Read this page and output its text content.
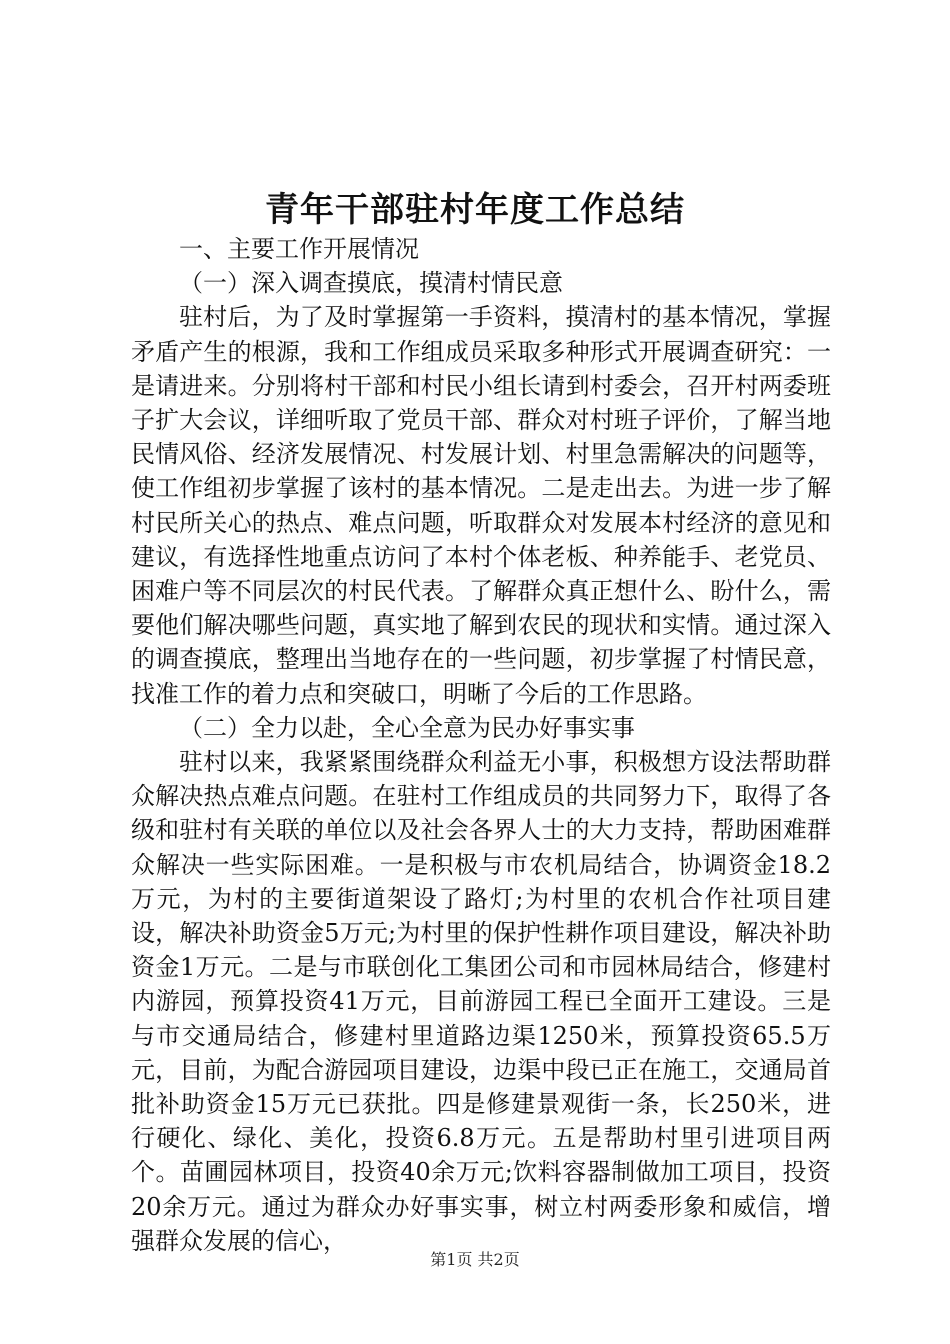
青年干部驻村年度工作总结

一、主要工作开展情况

（一）深入调查摸底，摸清村情民意

驻村后，为了及时掌握第一手资料，摸清村的基本情况，掌握矛盾产生的根源，我和工作组成员采取多种形式开展调查研究：一是请进来。分别将村干部和村民小组长请到村委会，召开村两委班子扩大会议，详细听取了党员干部、群众对村班子评价，了解当地民情风俗、经济发展情况、村发展计划、村里急需解决的问题等，使工作组初步掌握了该村的基本情况。二是走出去。为进一步了解村民所关心的热点、难点问题，听取群众对发展本村经济的意见和建议，有选择性地重点访问了本村个体老板、种养能手、老党员、困难户等不同层次的村民代表。了解群众真正想什么、盼什么，需要他们解决哪些问题，真实地了解到农民的现状和实情。通过深入的调查摸底，整理出当地存在的一些问题，初步掌握了村情民意，找准工作的着力点和突破口，明晰了今后的工作思路。

（二）全力以赴，全心全意为民办好事实事

驻村以来，我紧紧围绕群众利益无小事，积极想方设法帮助群众解决热点难点问题。在驻村工作组成员的共同努力下，取得了各级和驻村有关联的单位以及社会各界人士的大力支持，帮助困难群众解决一些实际困难。一是积极与市农机局结合，协调资金18.2万元，为村的主要街道架设了路灯;为村里的农机合作社项目建设，解决补助资金5万元;为村里的保护性耕作项目建设，解决补助资金1万元。二是与市联创化工集团公司和市园林局结合，修建村内游园，预算投资41万元，目前游园工程已全面开工建设。三是与市交通局结合，修建村里道路边渠1250米，预算投资65.5万元，目前，为配合游园项目建设，边渠中段已正在施工，交通局首批补助资金15万元已获批。四是修建景观街一条，长250米，进行硬化、绿化、美化，投资6.8万元。五是帮助村里引进项目两个。苗圃园林项目，投资40余万元;饮料容器制做加工项目，投资20余万元。通过为群众办好事实事，树立村两委形象和威信，增强群众发展的信心，

第1页 共2页
